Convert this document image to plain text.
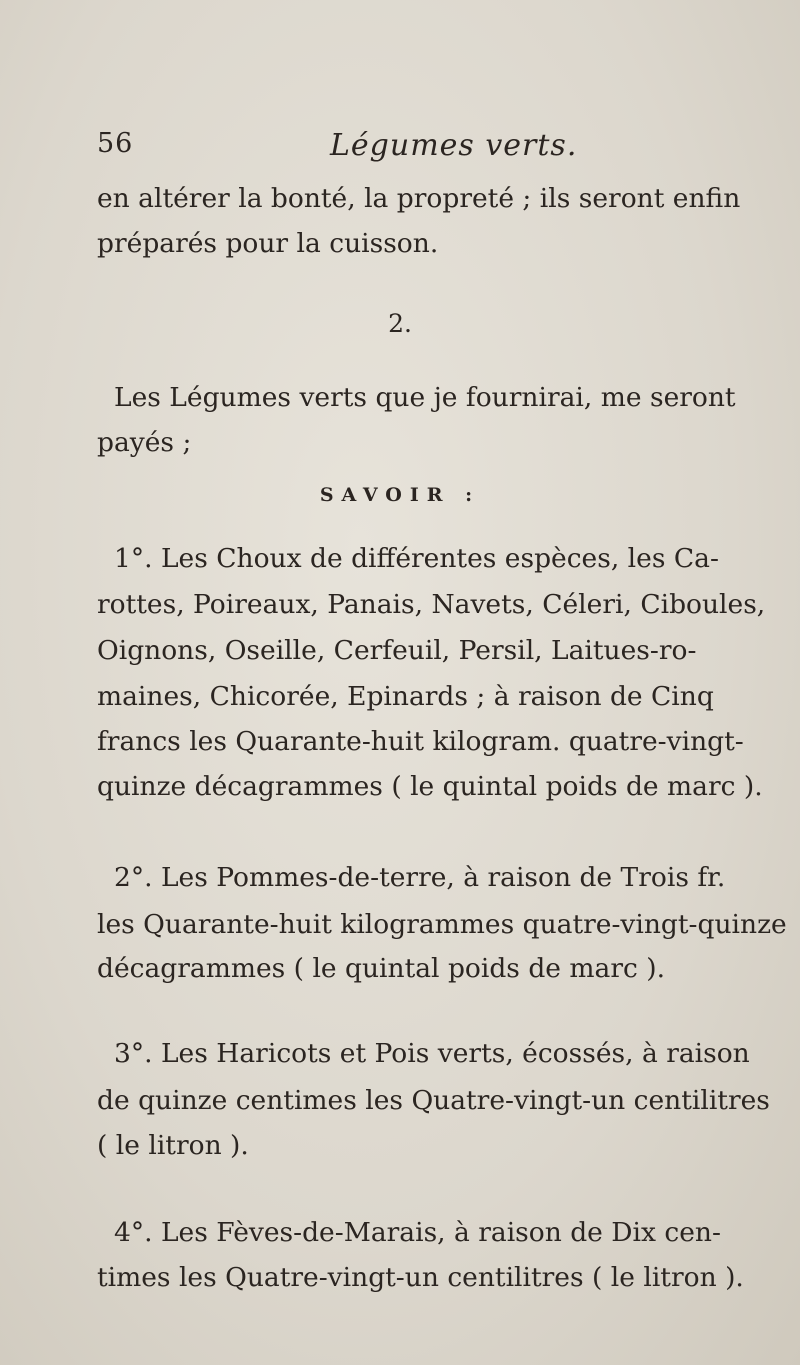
56	Légumes verts.
en altérer la bonté, la propreté ; ils seront enfin
préparés pour la cuisson.
2.
Les Légumes verts que je fournirai, me seront
payés ;
SAVOIR :
1°. Les Choux de différentes espèces, les Ca-
rottes, Poireaux, Panais, Navets, Céleri, Ciboules,
Oignons, Oseille, Cerfeuil, Persil, Laitues-ro-
maines, Chicorée, Epinards ; à raison de Cinq
francs les Quarante-huit kilogram. quatre-vingt-
quinze décagrammes ( le quintal poids de marc ).
2°. Les Pommes-de-terre, à raison de Trois fr.
les Quarante-huit kilogrammes quatre-vingt-quinze
décagrammes ( le quintal poids de marc ).
3°. Les Haricots et Pois verts, écossés, à raison
de quinze centimes les Quatre-vingt-un centilitres
( le litron ).
4°. Les Fèves-de-Marais, à raison de Dix cen-
times les Quatre-vingt-un centilitres ( le litron ).
